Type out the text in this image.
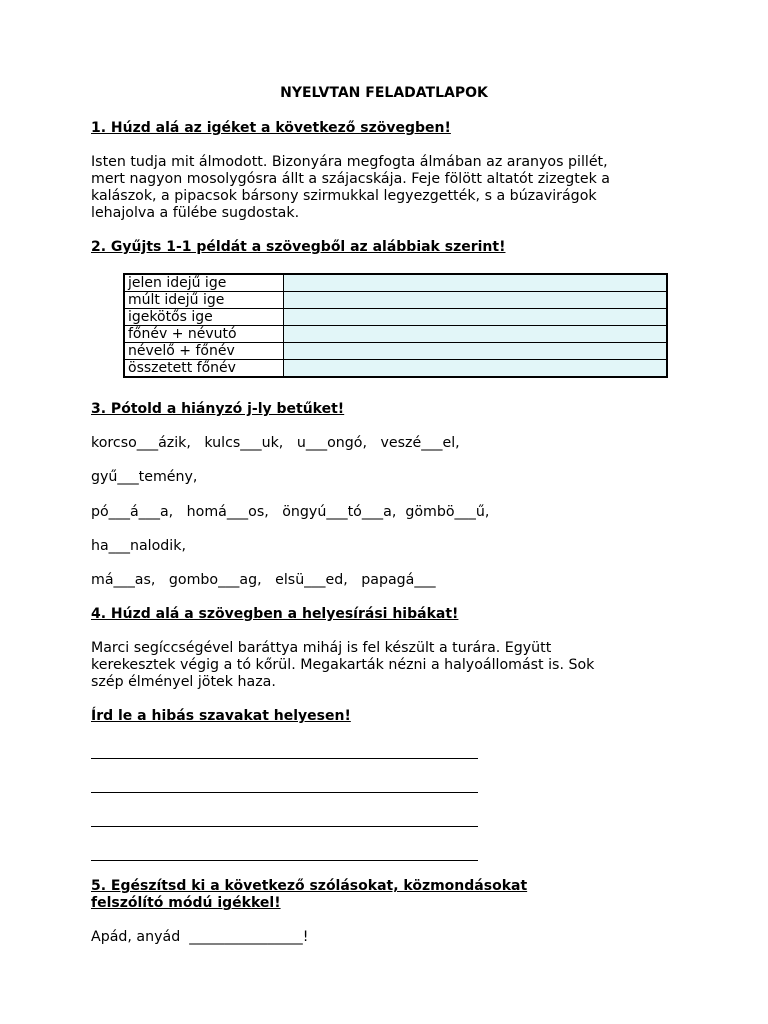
NYELVTAN FELADATLAPOK
1. Húzd alá az igéket a következő szövegben!
Isten tudja mit álmodott. Bizonyára megfogta álmában az aranyos pillét,
mert nagyon mosolygósra állt a szájacskája. Feje fölött altatót zizegtek a
kalászok, a pipacsok bársony szirmukkal legyezgették, s a búzavirágok
lehajolva a fülébe sugdostak.
2. Gyűjts 1-1 példát a szövegből az alábbiak szerint!
jelen idejű ige	
múlt idejű ige	
igekötős ige	
főnév + névutó	
névelő + főnév	
összetett főnév	
3. Pótold a hiányzó j-ly betűket!
korcso___ázik,   kulcs___uk,   u___ongó,   veszé___el,
gyű___temény,
pó___á___a,   homá___os,   öngyú___tó___a,  gömbö___ű,
ha___nalodik,
má___as,   gombo___ag,   elsü___ed,   papagá___
4. Húzd alá a szövegben a helyesírási hibákat!
Marci segíccségével baráttya miháj is fel készült a turára. Együtt
kerekesztek végig a tó kőrül. Megakarták nézni a halyoállomást is. Sok
szép élményel jötek haza.
Írd le a hibás szavakat helyesen!
5. Egészítsd ki a következő szólásokat, közmondásokat
felszólító módú igékkel!
Apád, anyád  ________________!
